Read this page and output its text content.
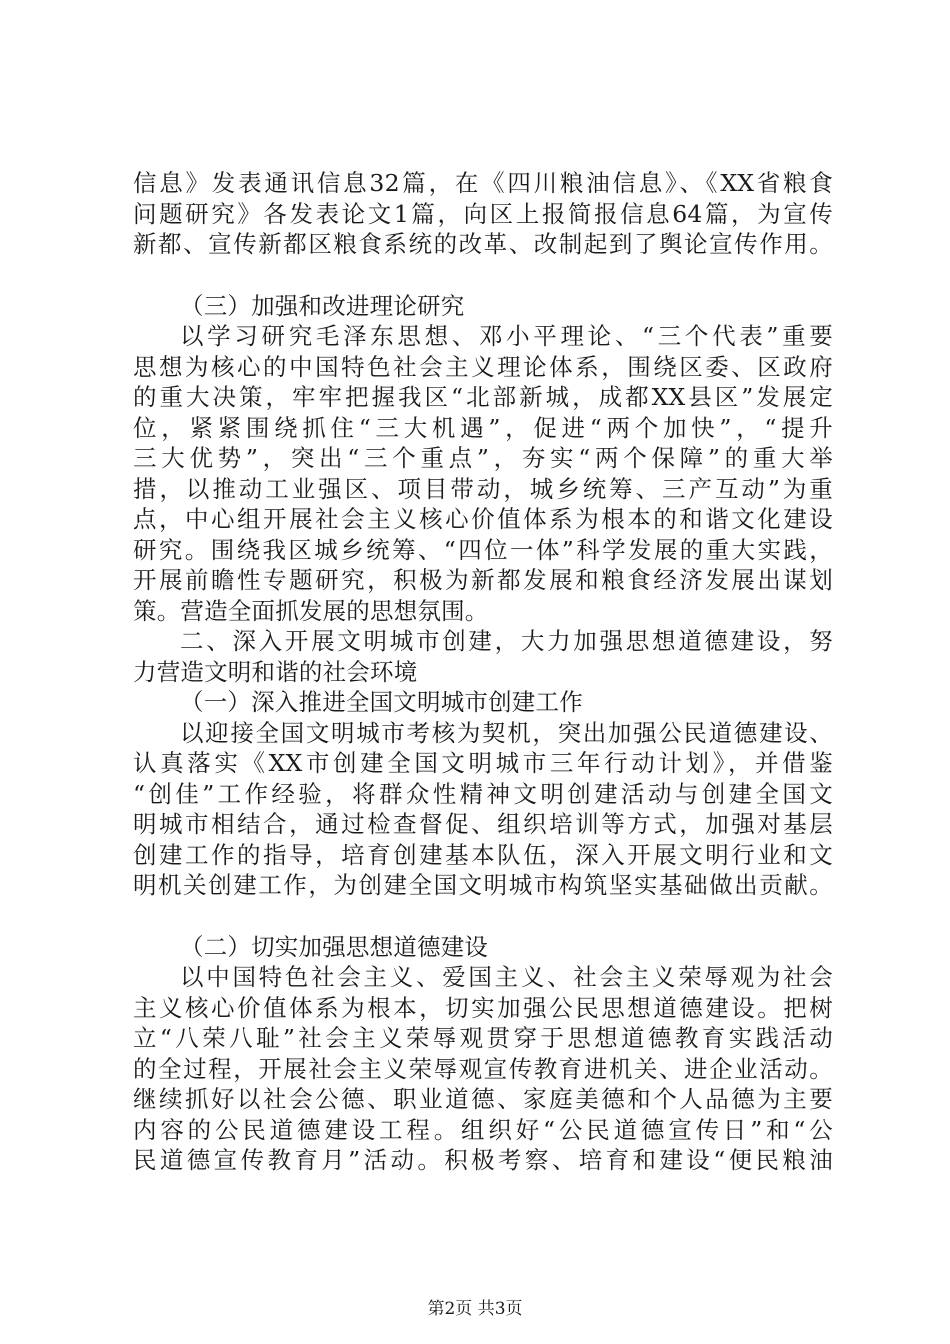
信息》发表通讯信息32篇，在《四川粮油信息》、《XX省粮食
问题研究》各发表论文1篇，向区上报简报信息64篇，为宣传
新都、宣传新都区粮食系统的改革、改制起到了舆论宣传作用。
（三）加强和改进理论研究
以学习研究毛泽东思想、邓小平理论、“三个代表”重要
思想为核心的中国特色社会主义理论体系，围绕区委、区政府
的重大决策，牢牢把握我区“北部新城，成都XX县区”发展定
位，紧紧围绕抓住“三大机遇”，促进“两个加快”，“提升
三大优势”，突出“三个重点”，夯实“两个保障”的重大举
措，以推动工业强区、项目带动，城乡统筹、三产互动”为重
点，中心组开展社会主义核心价值体系为根本的和谐文化建设
研究。围绕我区城乡统筹、“四位一体”科学发展的重大实践，
开展前瞻性专题研究，积极为新都发展和粮食经济发展出谋划
策。营造全面抓发展的思想氛围。
二、深入开展文明城市创建，大力加强思想道德建设，努
力营造文明和谐的社会环境
（一）深入推进全国文明城市创建工作
以迎接全国文明城市考核为契机，突出加强公民道德建设、
认真落实《XX市创建全国文明城市三年行动计划》，并借鉴
“创佳”工作经验，将群众性精神文明创建活动与创建全国文
明城市相结合，通过检查督促、组织培训等方式，加强对基层
创建工作的指导，培育创建基本队伍，深入开展文明行业和文
明机关创建工作，为创建全国文明城市构筑坚实基础做出贡献。
（二）切实加强思想道德建设
以中国特色社会主义、爱国主义、社会主义荣辱观为社会
主义核心价值体系为根本，切实加强公民思想道德建设。把树
立“八荣八耻”社会主义荣辱观贯穿于思想道德教育实践活动
的全过程，开展社会主义荣辱观宣传教育进机关、进企业活动。
继续抓好以社会公德、职业道德、家庭美德和个人品德为主要
内容的公民道德建设工程。组织好“公民道德宣传日”和“公
民道德宣传教育月”活动。积极考察、培育和建设“便民粮油
第2页 共3页
